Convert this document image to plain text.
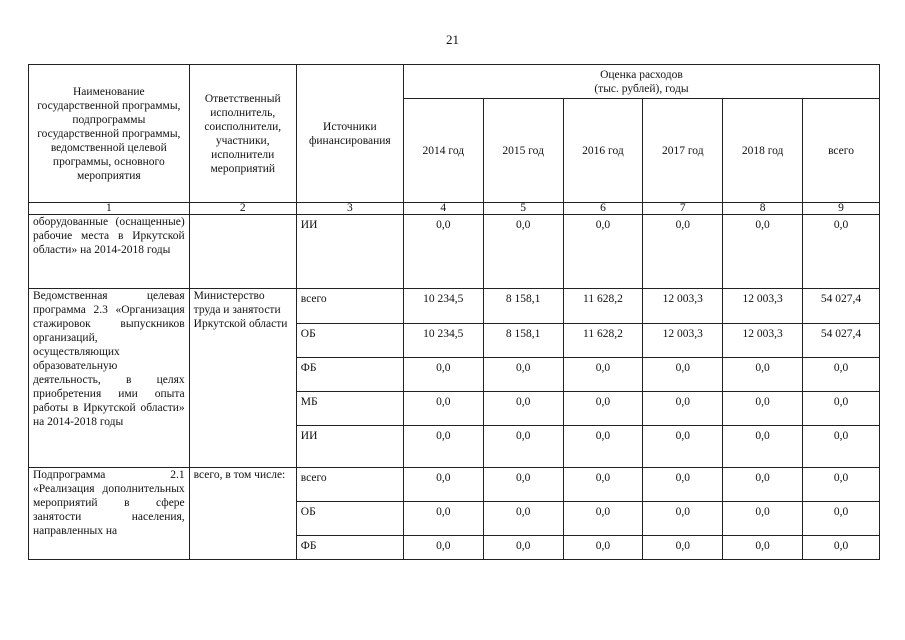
21
Наименование государственной программы, подпрограммы государственной программы, ведомственной целевой программы, основного мероприятия	Ответственный исполнитель, соисполнители, участники, исполнители мероприятий	Источники финансирования	Оценка расходов
(тыс. рублей), годы					
			2014 год	2015 год	2016 год	2017 год	2018 год	всего
1	2	3	4	5	6	7	8	9
оборудованные (оснащенные) рабочие места в Иркутской области» на 2014-2018 годы		ИИ	0,0	0,0	0,0	0,0	0,0	0,0
Ведомственная целевая программа 2.3 «Организация стажировок выпускников организаций, осуществляющих образовательную деятельность, в целях приобретения ими опыта работы в Иркутской области» на 2014-2018 годы	Министерство труда и занятости Иркутской области	всего	10 234,5	8 158,1	11 628,2	12 003,3	12 003,3	54 027,4
		ОБ	10 234,5	8 158,1	11 628,2	12 003,3	12 003,3	54 027,4
		ФБ	0,0	0,0	0,0	0,0	0,0	0,0
		МБ	0,0	0,0	0,0	0,0	0,0	0,0
		ИИ	0,0	0,0	0,0	0,0	0,0	0,0
Подпрограмма 2.1 «Реализация дополнительных мероприятий в сфере занятости населения, направленных на	всего, в том числе:	всего	0,0	0,0	0,0	0,0	0,0	0,0
		ОБ	0,0	0,0	0,0	0,0	0,0	0,0
		ФБ	0,0	0,0	0,0	0,0	0,0	0,0
